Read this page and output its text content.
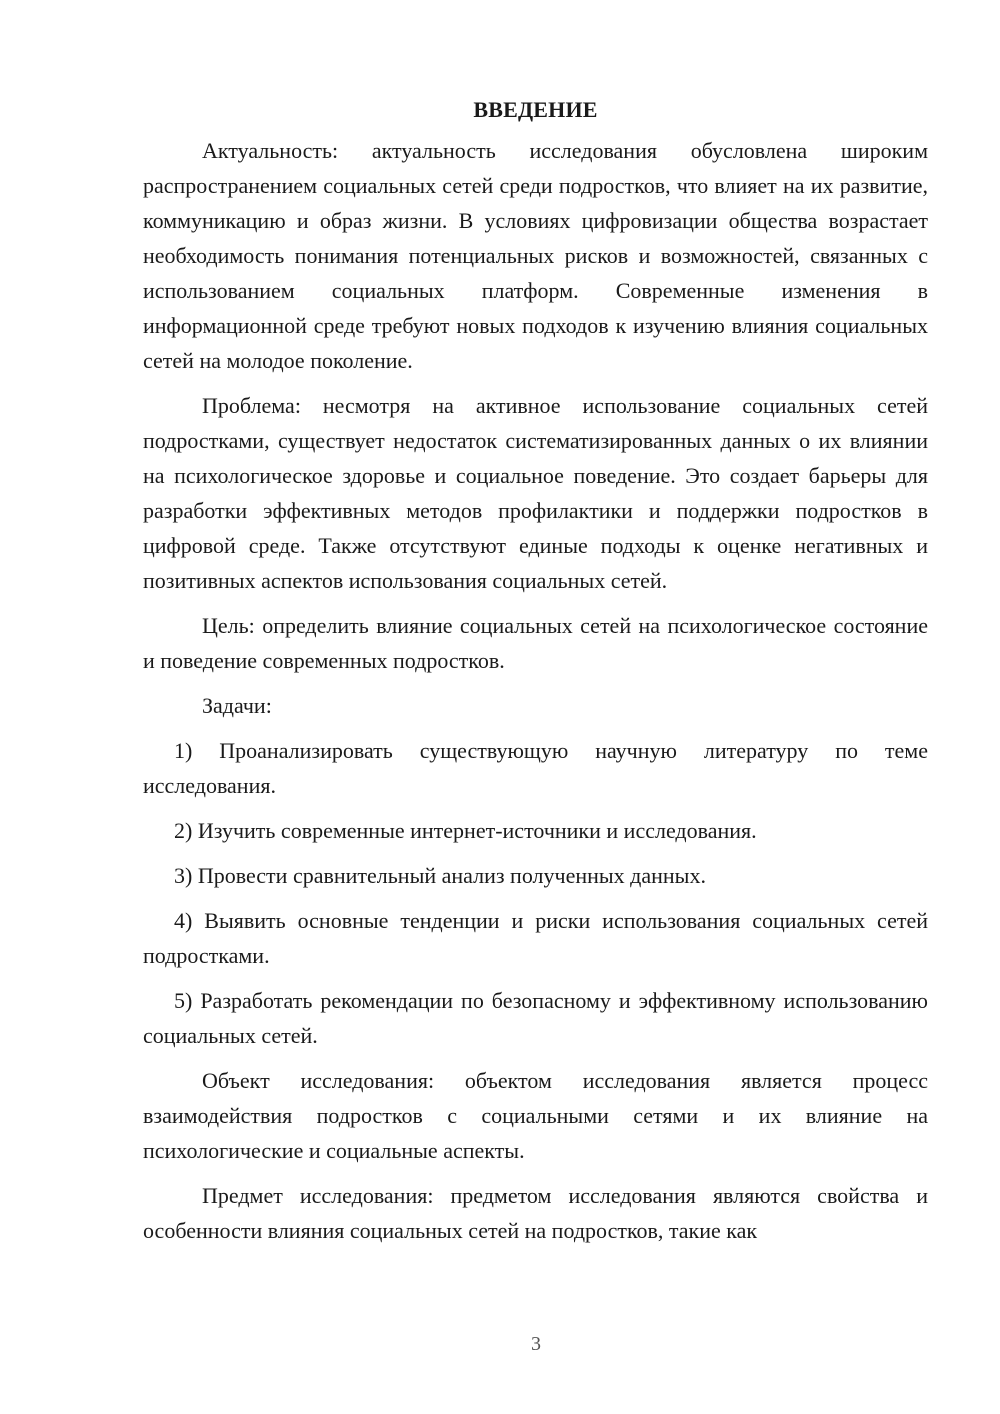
ВВЕДЕНИЕ

Актуальность: актуальность исследования обусловлена широким распространением социальных сетей среди подростков, что влияет на их развитие, коммуникацию и образ жизни. В условиях цифровизации общества возрастает необходимость понимания потенциальных рисков и возможностей, связанных с использованием социальных платформ. Современные изменения в информационной среде требуют новых подходов к изучению влияния социальных сетей на молодое поколение.

Проблема: несмотря на активное использование социальных сетей подростками, существует недостаток систематизированных данных о их влиянии на психологическое здоровье и социальное поведение. Это создает барьеры для разработки эффективных методов профилактики и поддержки подростков в цифровой среде. Также отсутствуют единые подходы к оценке негативных и позитивных аспектов использования социальных сетей.

Цель: определить влияние социальных сетей на психологическое состояние и поведение современных подростков.

Задачи:

1) Проанализировать существующую научную литературу по теме исследования.

2) Изучить современные интернет-источники и исследования.

3) Провести сравнительный анализ полученных данных.

4) Выявить основные тенденции и риски использования социальных сетей подростками.

5) Разработать рекомендации по безопасному и эффективному использованию социальных сетей.

Объект исследования: объектом исследования является процесс взаимодействия подростков с социальными сетями и их влияние на психологические и социальные аспекты.

Предмет исследования: предметом исследования являются свойства и особенности влияния социальных сетей на подростков, такие как

3
